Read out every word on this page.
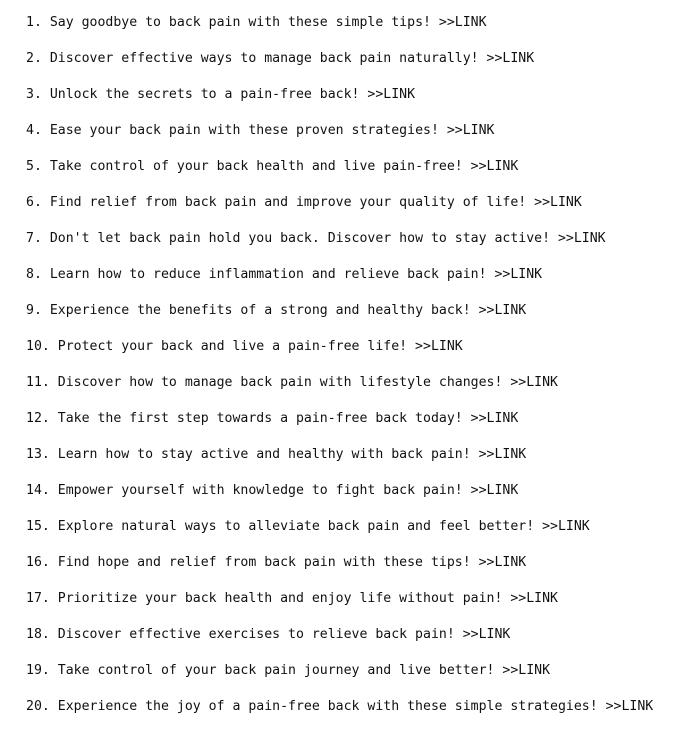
1. Say goodbye to back pain with these simple tips! >>LINK
2. Discover effective ways to manage back pain naturally! >>LINK
3. Unlock the secrets to a pain-free back! >>LINK
4. Ease your back pain with these proven strategies! >>LINK
5. Take control of your back health and live pain-free! >>LINK
6. Find relief from back pain and improve your quality of life! >>LINK
7. Don't let back pain hold you back. Discover how to stay active! >>LINK
8. Learn how to reduce inflammation and relieve back pain! >>LINK
9. Experience the benefits of a strong and healthy back! >>LINK
10. Protect your back and live a pain-free life! >>LINK
11. Discover how to manage back pain with lifestyle changes! >>LINK
12. Take the first step towards a pain-free back today! >>LINK
13. Learn how to stay active and healthy with back pain! >>LINK
14. Empower yourself with knowledge to fight back pain! >>LINK
15. Explore natural ways to alleviate back pain and feel better! >>LINK
16. Find hope and relief from back pain with these tips! >>LINK
17. Prioritize your back health and enjoy life without pain! >>LINK
18. Discover effective exercises to relieve back pain! >>LINK
19. Take control of your back pain journey and live better! >>LINK
20. Experience the joy of a pain-free back with these simple strategies! >>LINK
